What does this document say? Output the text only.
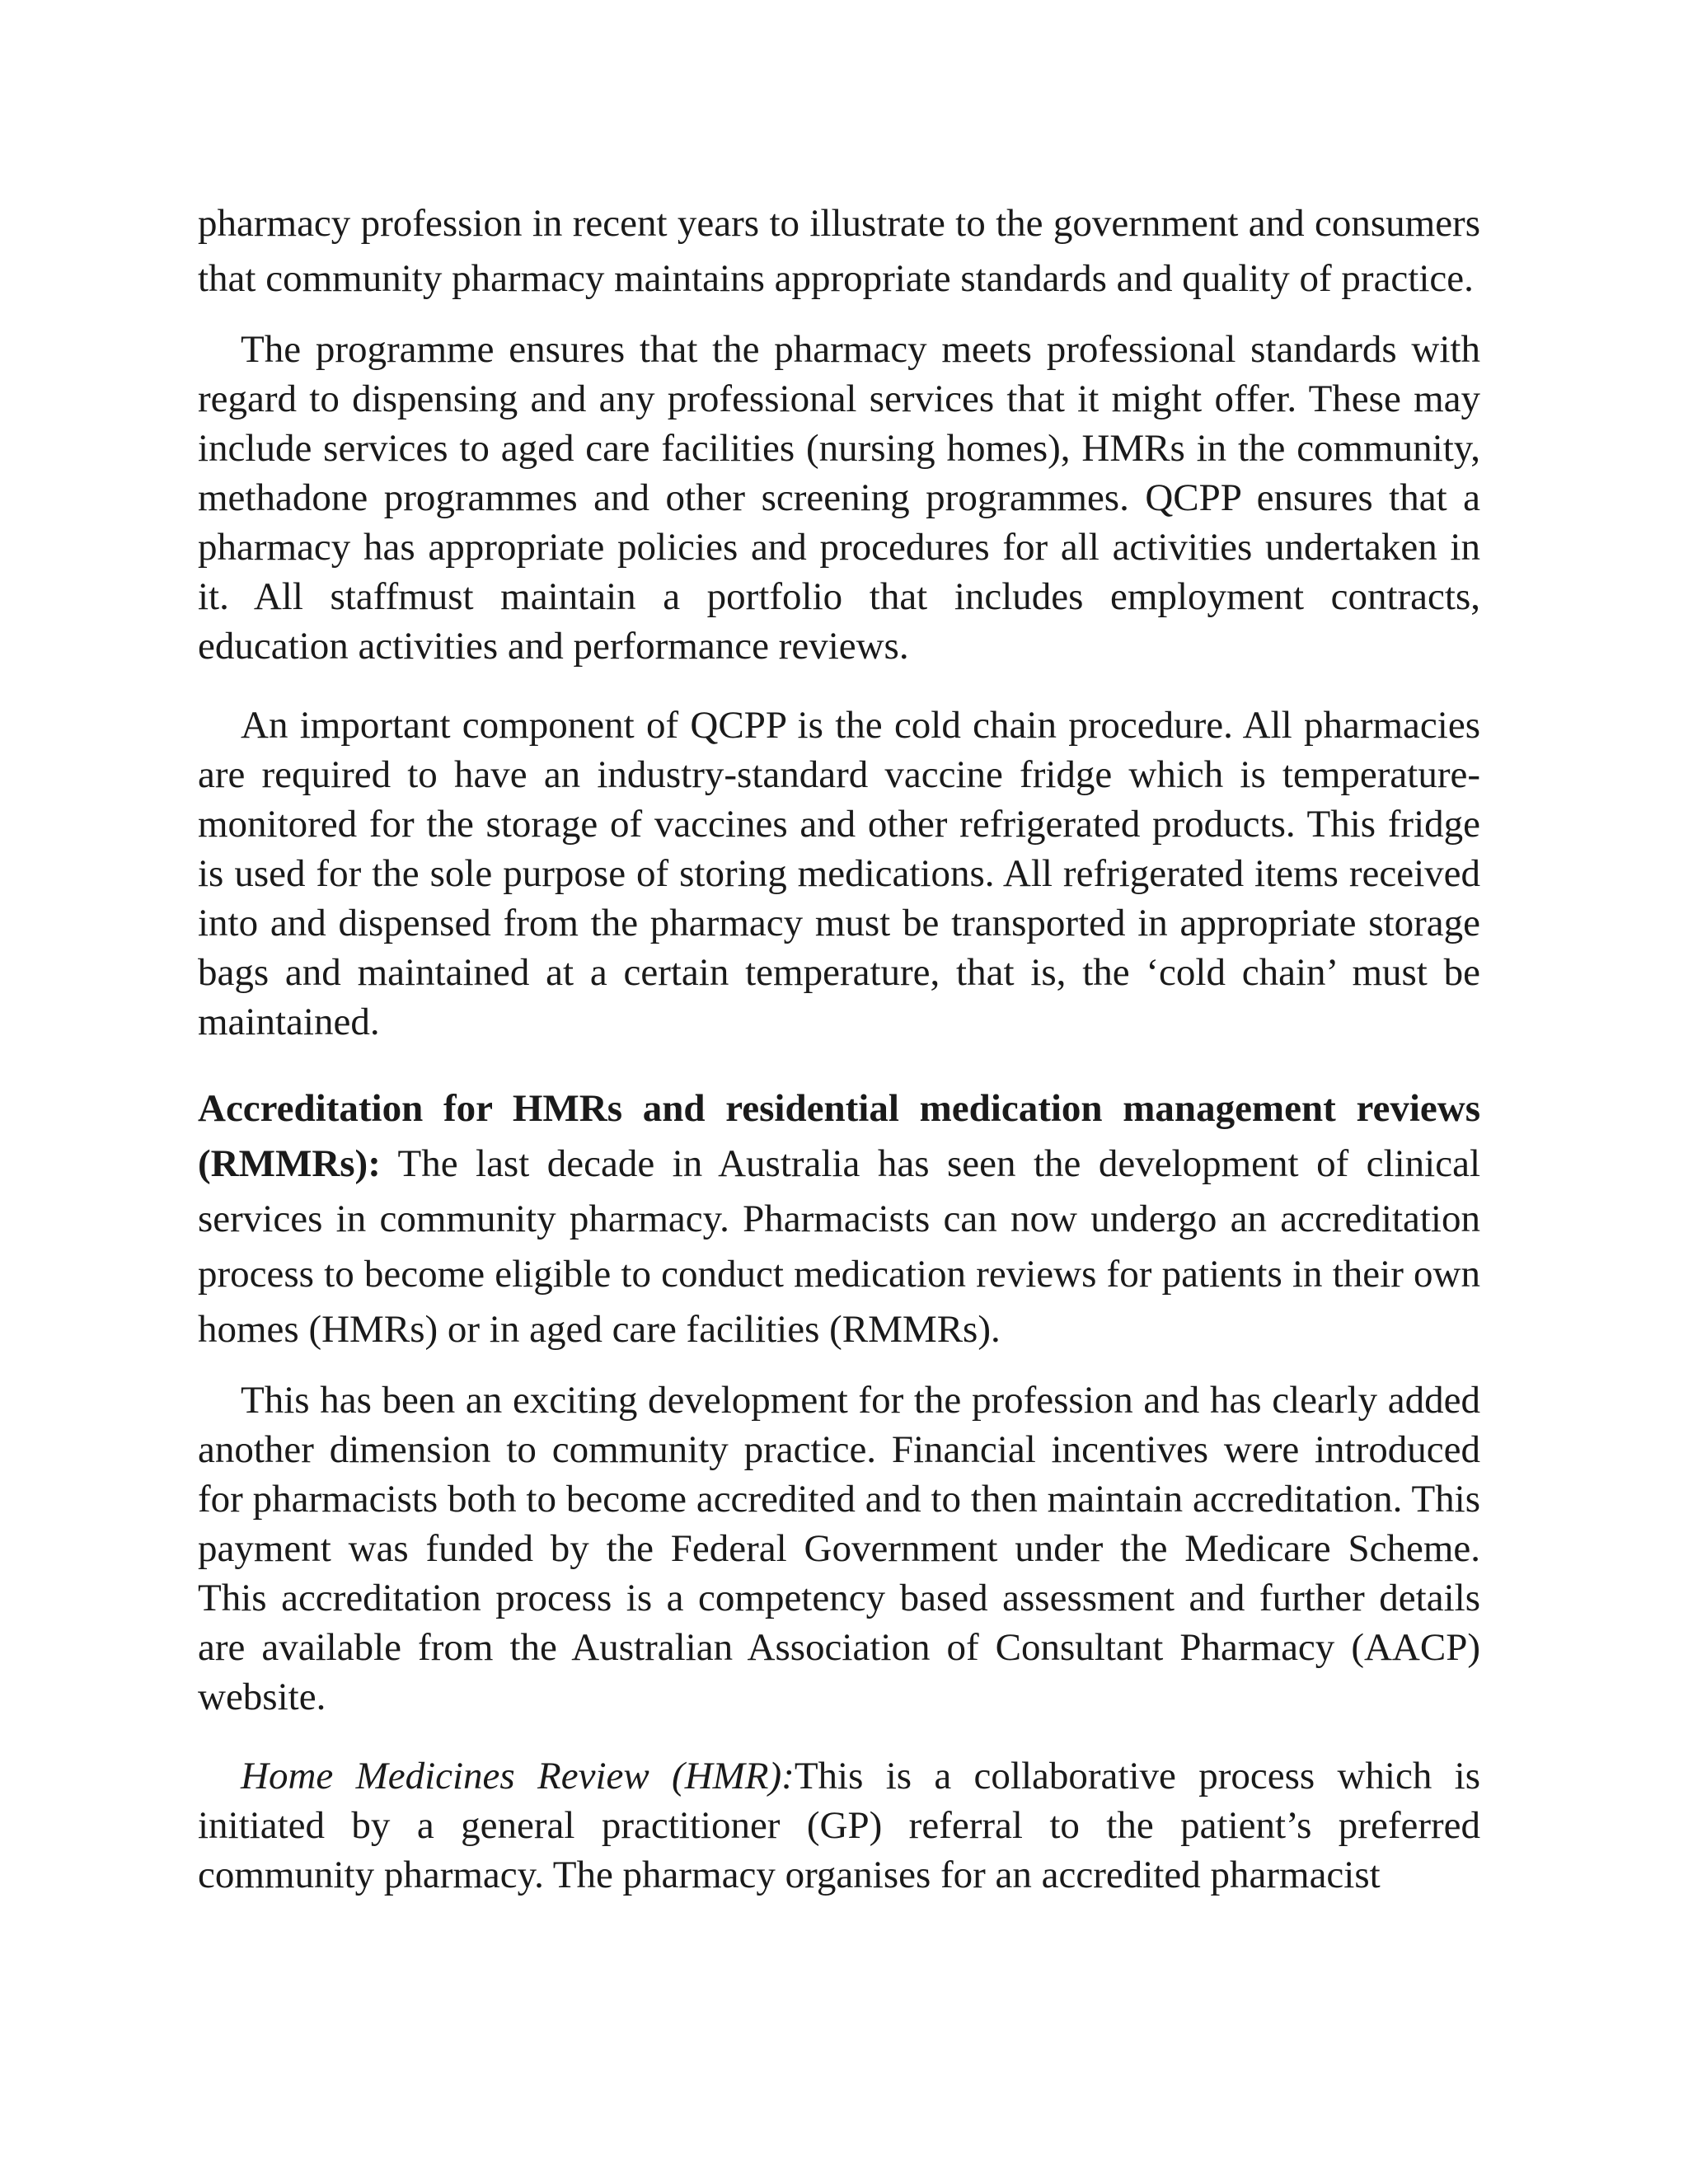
pharmacy profession in recent years to illustrate to the government and consumers that community pharmacy maintains appropriate standards and quality of practice.

The programme ensures that the pharmacy meets professional standards with regard to dispensing and any professional services that it might offer. These may include services to aged care facilities (nursing homes), HMRs in the community, methadone programmes and other screening programmes. QCPP ensures that a pharmacy has appropriate policies and procedures for all activities undertaken in it. All staffmust maintain a portfolio that includes employment contracts, education activities and performance reviews.

An important component of QCPP is the cold chain procedure. All pharmacies are required to have an industry-standard vaccine fridge which is temperature-monitored for the storage of vaccines and other refrigerated products. This fridge is used for the sole purpose of storing medications. All refrigerated items received into and dispensed from the pharmacy must be transported in appropriate storage bags and maintained at a certain temperature, that is, the ‘cold chain’ must be maintained.

Accreditation for HMRs and residential medication management reviews (RMMRs): The last decade in Australia has seen the development of clinical services in community pharmacy. Pharmacists can now undergo an accreditation process to become eligible to conduct medication reviews for patients in their own homes (HMRs) or in aged care facilities (RMMRs).

This has been an exciting development for the profession and has clearly added another dimension to community practice. Financial incentives were introduced for pharmacists both to become accredited and to then maintain accreditation. This payment was funded by the Federal Government under the Medicare Scheme. This accreditation process is a competency based assessment and further details are available from the Australian Association of Consultant Pharmacy (AACP) website.

Home Medicines Review (HMR):This is a collaborative process which is initiated by a general practitioner (GP) referral to the patient’s preferred community pharmacy. The pharmacy organises for an accredited pharmacist
